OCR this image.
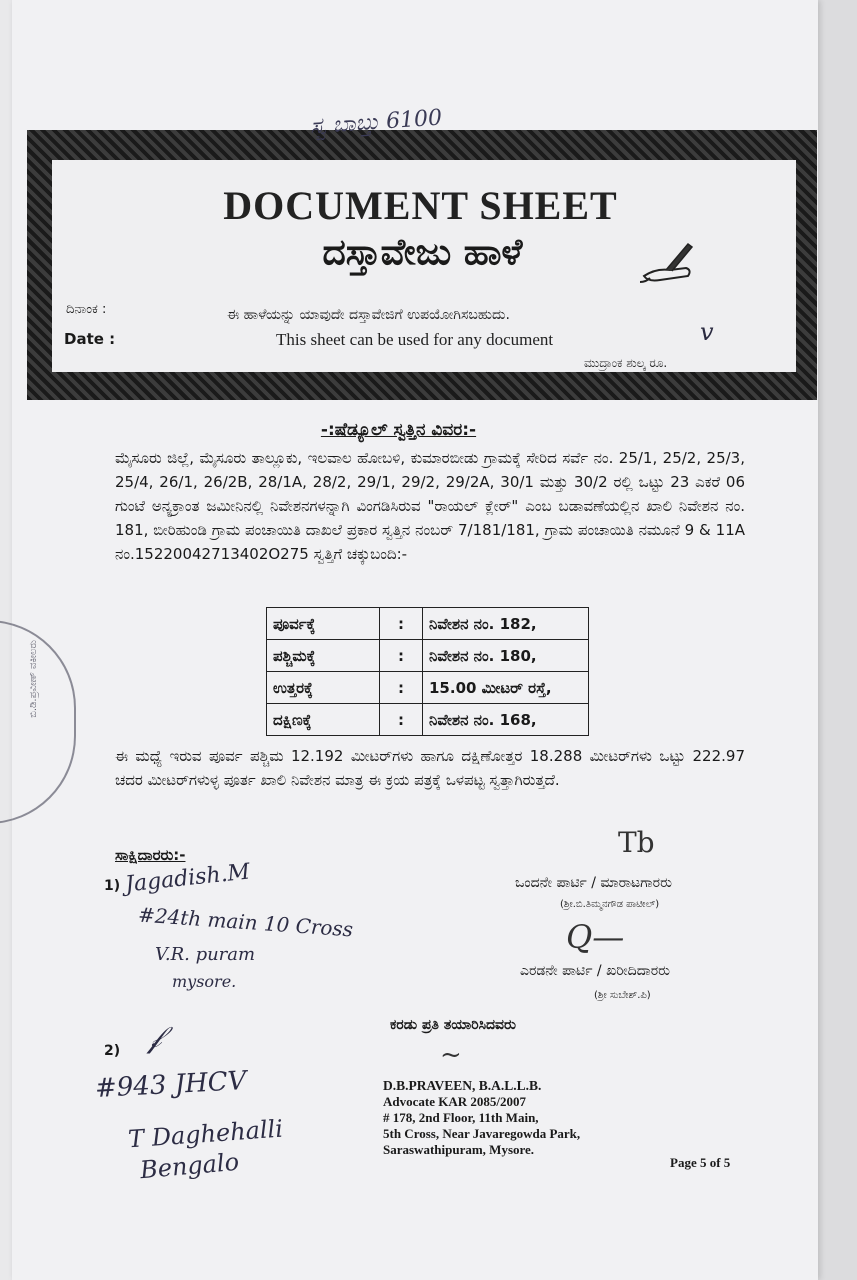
ಸ್ವ ಬಾಬ್ತು 6100
DOCUMENT SHEET
ದಸ್ತಾವೇಜು ಹಾಳೆ
ದಿನಾಂಕ :
Date :
ಈ ಹಾಳೆಯನ್ನು ಯಾವುದೇ ದಸ್ತಾವೇಜಿಗೆ ಉಪಯೋಗಿಸಬಹುದು.
This sheet can be used for any document
ಮುದ್ರಾಂಕ ಶುಲ್ಕ ರೂ.
v
-:ಷೆಡ್ಯೂಲ್ ಸ್ವತ್ತಿನ ವಿವರ:-
ಮೈಸೂರು ಜಿಲ್ಲೆ, ಮೈಸೂರು ತಾಲ್ಲೂಕು, ಇಲವಾಲ ಹೋಬಳಿ, ಕುಮಾರಬೀಡು ಗ್ರಾಮಕ್ಕೆ ಸೇರಿದ ಸರ್ವೆ ನಂ. 25/1, 25/2, 25/3, 25/4, 26/1, 26/2B, 28/1A, 28/2, 29/1, 29/2, 29/2A, 30/1 ಮತ್ತು 30/2 ರಲ್ಲಿ ಒಟ್ಟು 23 ಎಕರೆ 06 ಗುಂಟೆ ಅನ್ಯಕ್ರಾಂತ ಜಮೀನಿನಲ್ಲಿ ನಿವೇಶನಗಳನ್ನಾಗಿ ವಿಂಗಡಿಸಿರುವ "ರಾಯಲ್ ಕ್ಲೇರ್" ಎಂಬ ಬಡಾವಣೆಯಲ್ಲಿನ ಖಾಲಿ ನಿವೇಶನ ನಂ. 181, ಬೀರಿಹುಂಡಿ ಗ್ರಾಮ ಪಂಚಾಯಿತಿ ದಾಖಲೆ ಪ್ರಕಾರ ಸ್ವತ್ತಿನ ನಂಬರ್ 7/181/181, ಗ್ರಾಮ ಪಂಚಾಯಿತಿ ನಮೂನೆ 9 & 11A ನಂ.15220042713402O275 ಸ್ವತ್ತಿಗೆ ಚಕ್ಕುಬಂದಿ:-
ಪೂರ್ವಕ್ಕೆ	:	ನಿವೇಶನ ನಂ. 182,
ಪಶ್ಚಿಮಕ್ಕೆ	:	ನಿವೇಶನ ನಂ. 180,
ಉತ್ತರಕ್ಕೆ	:	15.00 ಮೀಟರ್ ರಸ್ತೆ,
ದಕ್ಷಿಣಕ್ಕೆ	:	ನಿವೇಶನ ನಂ. 168,
ಈ ಮಧ್ಯೆ ಇರುವ ಪೂರ್ವ ಪಶ್ಚಿಮ 12.192 ಮೀಟರ್‌ಗಳು ಹಾಗೂ ದಕ್ಷಿಣೋತ್ತರ 18.288 ಮೀಟರ್‌ಗಳು ಒಟ್ಟು 222.97 ಚದರ ಮೀಟರ್‌ಗಳುಳ್ಳ ಪೂರ್ತ ಖಾಲಿ ನಿವೇಶನ ಮಾತ್ರ ಈ ಕ್ರಯ ಪತ್ರಕ್ಕೆ ಒಳಪಟ್ಟ ಸ್ವತ್ತಾಗಿರುತ್ತದೆ.
ಸಾಕ್ಷಿದಾರರು:-
1) Jagadish.M
#24th main 10 Cross
V.R. puram
mysore.
2) 𝒻
#943 JHCV
T Daghehalli
Bengalo
Tb
ಒಂದನೇ ಪಾರ್ಟಿ / ಮಾರಾಟಗಾರರು
(ಶ್ರೀ.ಬಿ.ತಿಮ್ಮನಗೌಡ ಪಾಟೀಲ್)
Q—
ಎರಡನೇ ಪಾರ್ಟಿ / ಖರೀದಿದಾರರು
(ಶ್ರೀ ಸುಬೇಶ್.ಪಿ)
ಕರಡು ಪ್ರತಿ ತಯಾರಿಸಿದವರು
~
D.B.PRAVEEN, B.A.L.L.B.
Advocate KAR 2085/2007
# 178, 2nd Floor, 11th Main,
5th Cross, Near Javaregowda Park,
Saraswathipuram, Mysore.
Page 5 of 5
ಬಿ.ಡಿ.ಪ್ರವೀಣ್ ವಕೀಲರು
